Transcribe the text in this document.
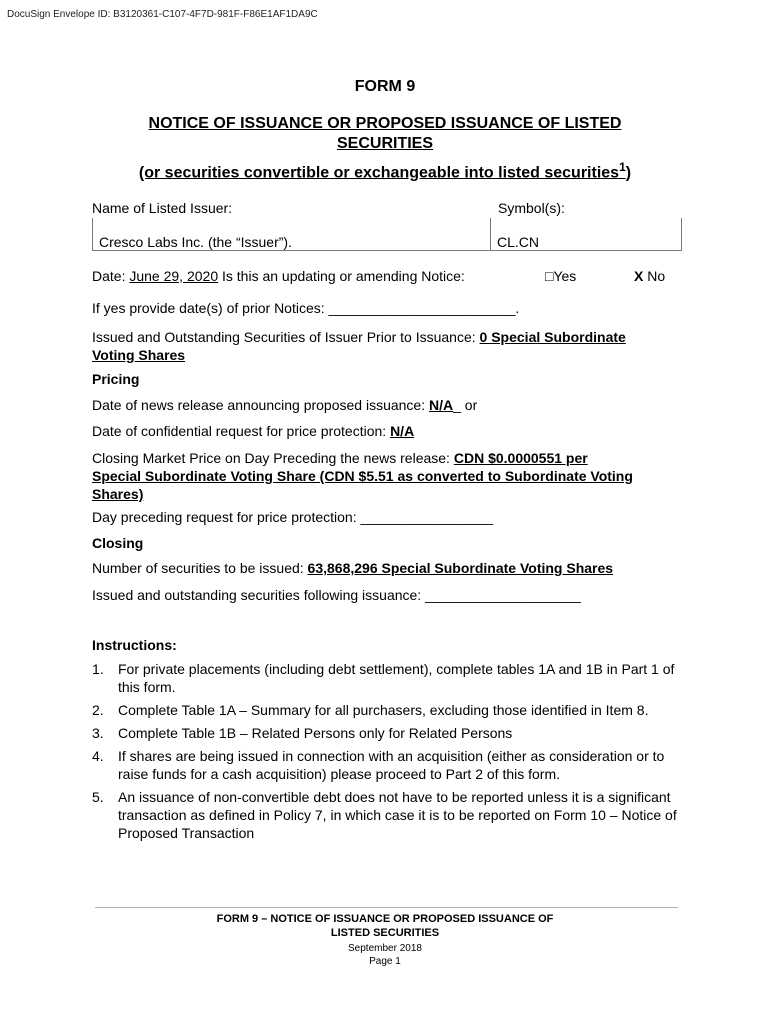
DocuSign Envelope ID: B3120361-C107-4F7D-981F-F86E1AF1DA9C
FORM 9
NOTICE OF ISSUANCE OR PROPOSED ISSUANCE OF LISTED
SECURITIES
(or securities convertible or exchangeable into listed securities$^1$)
Name of Listed Issuer:	Symbol(s):
Cresco Labs Inc. (the “Issuer”).	CL.CN
Date: June 29, 2020 Is this an updating or amending Notice:	□Yes	X No
If yes provide date(s) of prior Notices: ________________________.
Issued and Outstanding Securities of Issuer Prior to Issuance: 0 Special Subordinate
Voting Shares
Pricing
Date of news release announcing proposed issuance: N/A_ or
Date of confidential request for price protection: N/A
Closing Market Price on Day Preceding the news release: CDN $0.0000551 per
Special Subordinate Voting Share (CDN $5.51 as converted to Subordinate Voting
Shares)
Day preceding request for price protection: _________________
Closing
Number of securities to be issued: 63,868,296 Special Subordinate Voting Shares
Issued and outstanding securities following issuance: ____________________
Instructions:
1. For private placements (including debt settlement), complete tables 1A and 1B in Part 1 of this form.
2. Complete Table 1A – Summary for all purchasers, excluding those identified in Item 8.
3. Complete Table 1B – Related Persons only for Related Persons
4. If shares are being issued in connection with an acquisition (either as consideration or to raise funds for a cash acquisition) please proceed to Part 2 of this form.
5. An issuance of non-convertible debt does not have to be reported unless it is a significant transaction as defined in Policy 7, in which case it is to be reported on Form 10 – Notice of Proposed Transaction
FORM 9 – NOTICE OF ISSUANCE OR PROPOSED ISSUANCE OF
LISTED SECURITIES
September 2018
Page 1
